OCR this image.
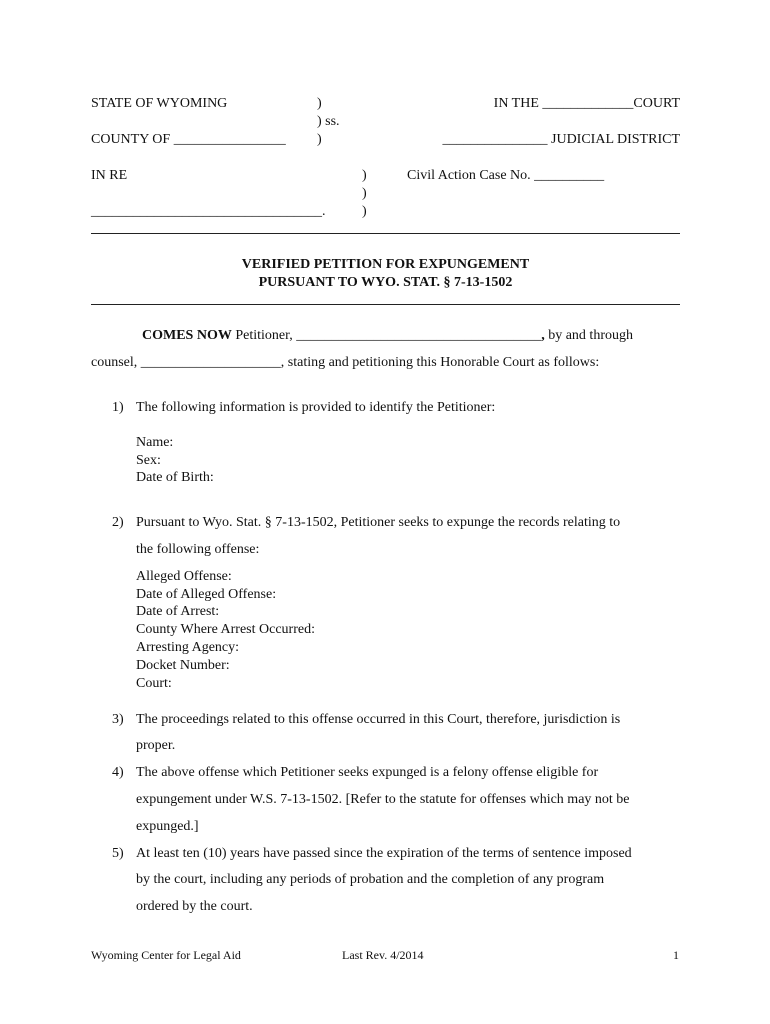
STATE OF WYOMING	)
) ss.
)
COUNTY OF ________________
IN THE _____________COURT
_______________ JUDICIAL DISTRICT
IN RE	)
)
)
Civil Action Case No. __________
_________________________________.
VERIFIED PETITION FOR EXPUNGEMENT
PURSUANT TO WYO. STAT. § 7-13-1502
COMES NOW Petitioner, ___________________________________, by and through
counsel, ____________________, stating and petitioning this Honorable Court as follows:
1) The following information is provided to identify the Petitioner:
Name:
Sex:
Date of Birth:
2) Pursuant to Wyo. Stat. § 7-13-1502, Petitioner seeks to expunge the records relating to
the following offense:
Alleged Offense:
Date of Alleged Offense:
Date of Arrest:
County Where Arrest Occurred:
Arresting Agency:
Docket Number:
Court:
3) The proceedings related to this offense occurred in this Court, therefore, jurisdiction is
proper.
4) The above offense which Petitioner seeks expunged is a felony offense eligible for
expungement under W.S. 7-13-1502. [Refer to the statute for offenses which may not be
expunged.]
5) At least ten (10) years have passed since the expiration of the terms of sentence imposed
by the court, including any periods of probation and the completion of any program
ordered by the court.
Wyoming Center for Legal Aid	Last Rev. 4/2014	1
